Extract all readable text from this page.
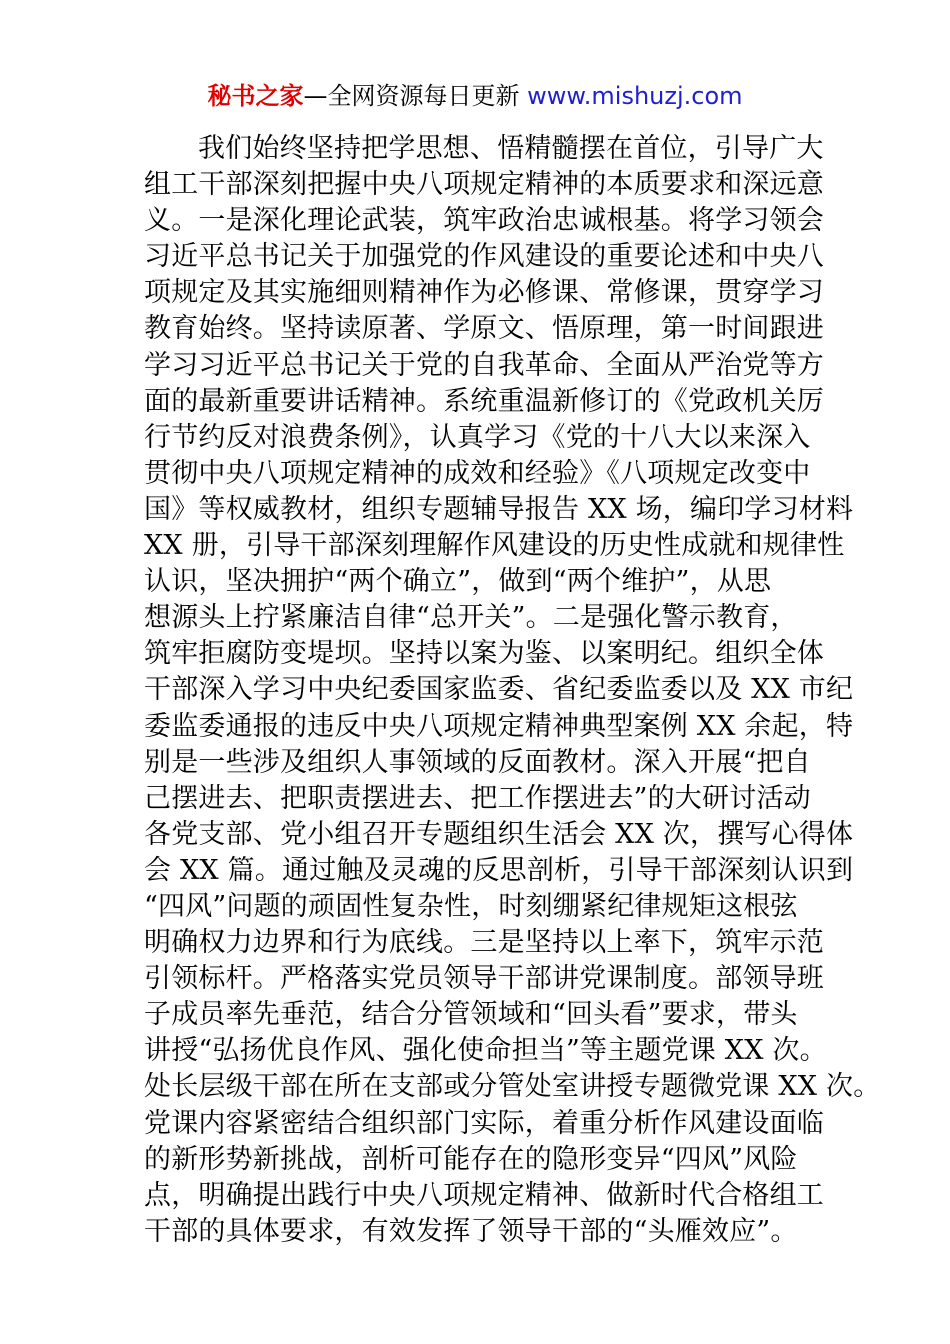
秘书之家—全网资源每日更新 www.mishuzj.com
我们始终坚持把学思想、悟精髓摆在首位，引导广大
组工干部深刻把握中央八项规定精神的本质要求和深远意
义。一是深化理论武装，筑牢政治忠诚根基。将学习领会
习近平总书记关于加强党的作风建设的重要论述和中央八
项规定及其实施细则精神作为必修课、常修课，贯穿学习
教育始终。坚持读原著、学原文、悟原理，第一时间跟进
学习习近平总书记关于党的自我革命、全面从严治党等方
面的最新重要讲话精神。系统重温新修订的《党政机关厉
行节约反对浪费条例》，认真学习《党的十八大以来深入
贯彻中央八项规定精神的成效和经验》《八项规定改变中
国》等权威教材，组织专题辅导报告 XX 场，编印学习材料
XX 册，引导干部深刻理解作风建设的历史性成就和规律性
认识，坚决拥护“两个确立”，做到“两个维护”，从思
想源头上拧紧廉洁自律“总开关”。二是强化警示教育，
筑牢拒腐防变堤坝。坚持以案为鉴、以案明纪。组织全体
干部深入学习中央纪委国家监委、省纪委监委以及 XX 市纪
委监委通报的违反中央八项规定精神典型案例 XX 余起，特
别是一些涉及组织人事领域的反面教材。深入开展“把自
己摆进去、把职责摆进去、把工作摆进去”的大研讨活动
各党支部、党小组召开专题组织生活会 XX 次，撰写心得体
会 XX 篇。通过触及灵魂的反思剖析，引导干部深刻认识到
“四风”问题的顽固性复杂性，时刻绷紧纪律规矩这根弦
明确权力边界和行为底线。三是坚持以上率下，筑牢示范
引领标杆。严格落实党员领导干部讲党课制度。部领导班
子成员率先垂范，结合分管领域和“回头看”要求，带头
讲授“弘扬优良作风、强化使命担当”等主题党课 XX 次。
处长层级干部在所在支部或分管处室讲授专题微党课 XX 次。
党课内容紧密结合组织部门实际，着重分析作风建设面临
的新形势新挑战，剖析可能存在的隐形变异“四风”风险
点，明确提出践行中央八项规定精神、做新时代合格组工
干部的具体要求，有效发挥了领导干部的“头雁效应”。
